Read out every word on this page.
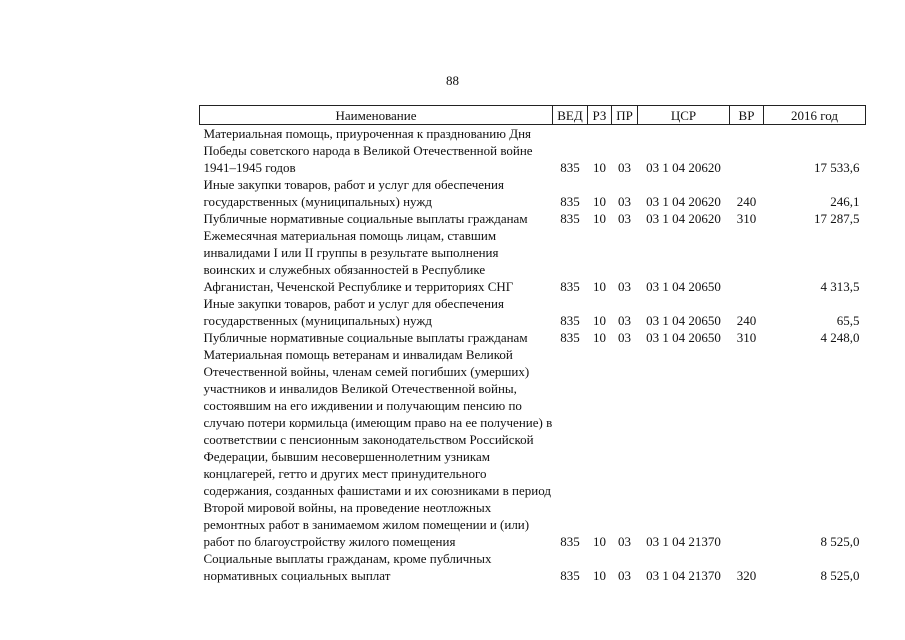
88
Наименование	ВЕД	РЗ	ПР	ЦСР	ВР	2016 год
Материальная помощь, приуроченная к празднованию Дня Победы советского народа в Великой Отечественной войне 1941–1945 годов	835	10	03	03 1 04 20620		17 533,6
Иные закупки товаров, работ и услуг для обеспечения государственных (муниципальных) нужд	835	10	03	03 1 04 20620	240	246,1
Публичные нормативные социальные выплаты гражданам	835	10	03	03 1 04 20620	310	17 287,5
Ежемесячная материальная помощь лицам, ставшим инвалидами I или II группы в результате выполнения воинских и служебных обязанностей в Республике Афганистан, Чеченской Республике и территориях СНГ	835	10	03	03 1 04 20650		4 313,5
Иные закупки товаров, работ и услуг для обеспечения государственных (муниципальных) нужд	835	10	03	03 1 04 20650	240	65,5
Публичные нормативные социальные выплаты гражданам	835	10	03	03 1 04 20650	310	4 248,0
Материальная помощь ветеранам и инвалидам Великой Отечественной войны, членам семей погибших (умерших) участников и инвалидов Великой Отечественной войны, состоявшим на его иждивении и получающим пенсию по случаю потери кормильца (имеющим право на ее получение) в соответствии с пенсионным законодательством Российской Федерации, бывшим несовершеннолетним узникам концлагерей, гетто и других мест принудительного содержания, созданных фашистами и их союзниками в период Второй мировой войны, на проведение неотложных ремонтных работ в занимаемом жилом помещении и (или) работ по благоустройству жилого помещения	835	10	03	03 1 04 21370		8 525,0
Социальные выплаты гражданам, кроме публичных нормативных социальных выплат	835	10	03	03 1 04 21370	320	8 525,0
